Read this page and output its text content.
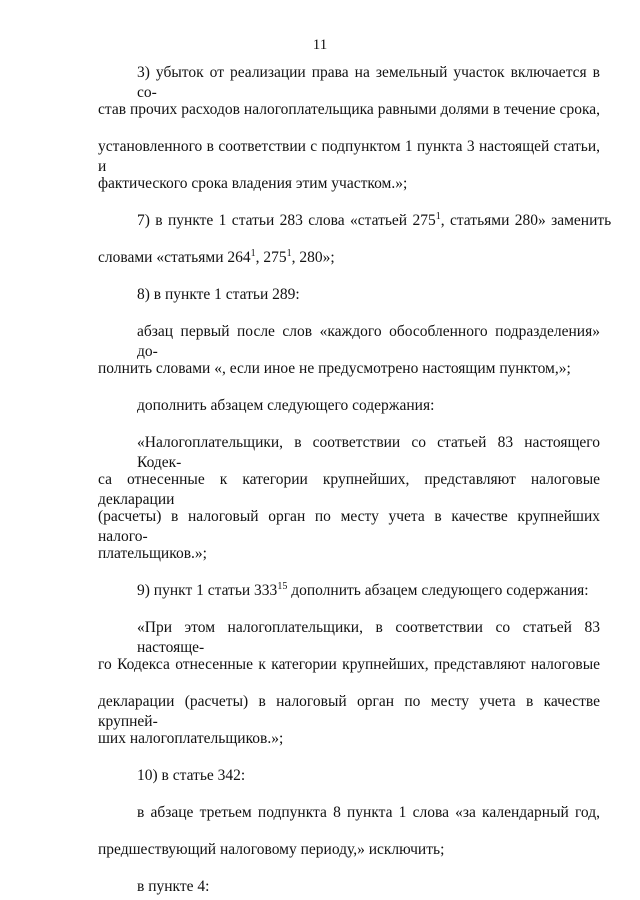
11
3) убыток от реализации права на земельный участок включается в со-
став прочих расходов налогоплательщика равными долями в течение срока,
установленного в соответствии с подпунктом 1 пункта 3 настоящей статьи, и
фактического срока владения этим участком.»;
7) в пункте 1 статьи 283 слова «статьей $275^1$, статьями 280» заменить
словами «статьями $264^1$, $275^1$, 280»;
8) в пункте 1 статьи 289:
абзац первый после слов «каждого обособленного подразделения» до-
полнить словами «, если иное не предусмотрено настоящим пунктом,»;
дополнить абзацем следующего содержания:
«Налогоплательщики, в соответствии со статьей 83 настоящего Кодек-
са отнесенные к категории крупнейших, представляют налоговые декларации
(расчеты) в налоговый орган по месту учета в качестве крупнейших налого-
плательщиков.»;
9) пункт 1 статьи $333^{15}$ дополнить абзацем следующего содержания:
«При этом налогоплательщики, в соответствии со статьей 83 настояще-
го Кодекса отнесенные к категории крупнейших, представляют налоговые
декларации (расчеты) в налоговый орган по месту учета в качестве крупней-
ших налогоплательщиков.»;
10) в статье 342:
в абзаце третьем подпункта 8 пункта 1 слова «за календарный год,
предшествующий налоговому периоду,» исключить;
в пункте 4:
